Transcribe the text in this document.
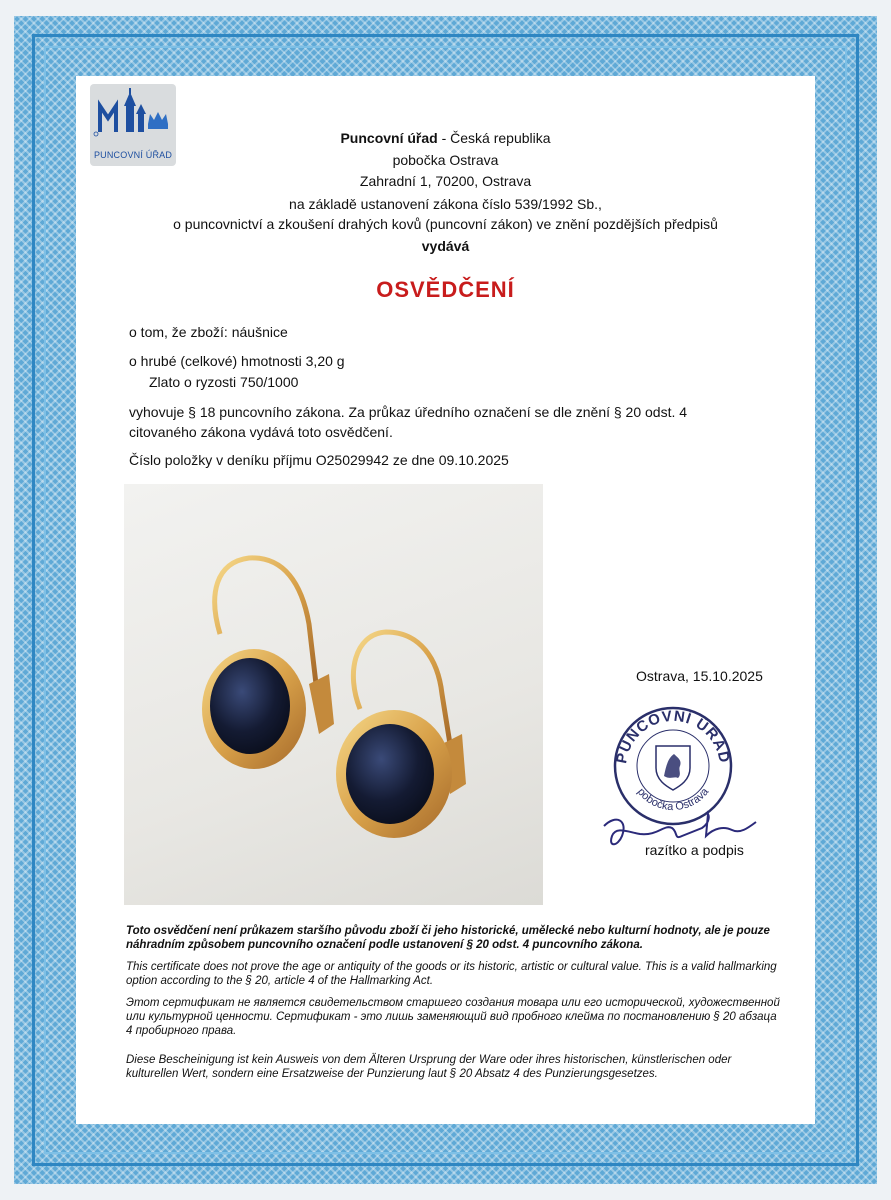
PUNCOVNÍ ÚŘAD
Puncovní úřad - Česká republika
pobočka Ostrava
Zahradní 1, 70200, Ostrava
na základě ustanovení zákona číslo 539/1992 Sb.,
o puncovnictví a zkoušení drahých kovů (puncovní zákon) ve znění pozdějších předpisů
vydává
OSVĚDČENÍ
o tom, že zboží: náušnice
o hrubé (celkové) hmotnosti 3,20 g
Zlato o ryzosti 750/1000
vyhovuje § 18 puncovního zákona. Za průkaz úředního označení se dle znění § 20 odst. 4
citovaného zákona vydává toto osvědčení.
Číslo položky v deníku příjmu O25029942 ze dne 09.10.2025
Ostrava, 15.10.2025
PUNCOVNÍ ÚŘAD
pobočka Ostrava
razítko a podpis
Toto osvědčení není průkazem staršího původu zboží či jeho historické, umělecké nebo kulturní hodnoty, ale je pouze náhradním způsobem puncovního označení podle ustanovení § 20 odst. 4 puncovního zákona.
This certificate does not prove the age or antiquity of the goods or its historic, artistic or cultural value. This is a valid hallmarking option according to the § 20, article 4 of the Hallmarking Act.
Этот сертификат не является свидетельством старшего создания товара или его исторической, художественной или культурной ценности. Сертификат - это лишь заменяющий вид пробного клейма по постановлению § 20 абзаца 4 пробирного права.
Diese Bescheinigung ist kein Ausweis von dem Älteren Ursprung der Ware oder ihres historischen, künstlerischen oder kulturellen Wert, sondern eine Ersatzweise der Punzierung laut § 20 Absatz 4 des Punzierungsgesetzes.
